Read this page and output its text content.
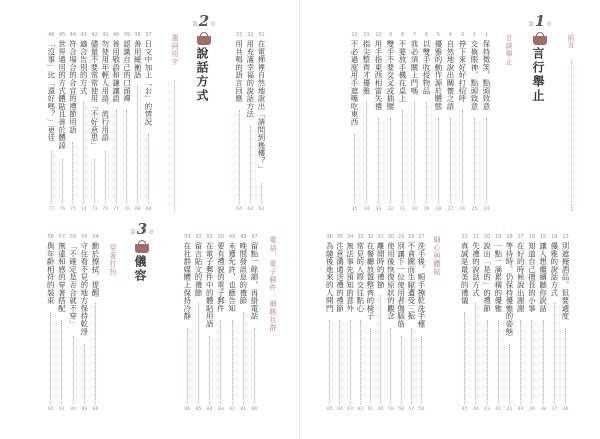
37
日文中加上「お」的情況
68
38
善用緩衝語
69
39
認識自己的口頭禪
70
40
善用敬語和謙讓語
71
41
勿使用年輕人用語、流行用語
72
42
儘量不要常常使用「不好意思」
73
43
適合告別的方式
74
44
符合場合的合宜的禮節用語
75
45
世界通用的方式體貼且善於體諒
76
46
「沒事」比「還好嗎？」更佳
77
31
在電梯裡自然地說出「請問到幾樓？」
62
32
用充滿幸福的說話方法
63
33
用共鳴的語言回應
64
遣詞用字
第2章
說話方式
47
留點一餘韻，再掛電話
80
48
晚間發訊息的禮節
81
49
未獲允許，也應告知
82
50
要有禮貌的電子郵件
83
51
在電子郵件中的體貼用語
84
52
留言貼文的禮節
85
53
在社群媒體上保持冷靜
86
54
勤於擦拭、提醒
88
55
守住看不見的地方保持乾淨
89
56
「不確定是否合就不穿」
90
57
無違和感的穿著搭配
91
58
與年齡相符的裝束
92
電話、電子郵件、網路社群
穿著打扮
第3章
儀容
前言
3
第1章
言行舉止
言談舉止
1
保持微笑，點頭致意
24
2
交換眼神，點頭致意
25
3
停下來好好打招呼
26
4
自然地說出關懷之語
27
5
優雅的動作源於體態
28
6
以雙手收授物品
29
7
我必須關上門嗎
30
8
不要放手機在桌上
31
9
雙手不要交叉或插腰
32
10
用手指東西相當失禮
33
11
指尖整齊才優雅
34
12
不必過度用手遮嘴吃東西
35
13
別遮掩酒品，但要適度
36
14
優雅的說話方式
37
15
讓人想繼續聽你說話
38
16
知道自己擅長的小事
39
17
在好的時候說出謝謝
40
18
等待時，仍保持優雅的姿態
41
19
一點一滴累積的優雅
42
20
說出「是的」的禮節
43
21
失禮的說話方式
44
22
真誠是最美的禮儀
45
細心與體貼
27
洗手後，順手擦乾洗手檯
56
28
不貪圖而生厭遭受三振
57
29
別讓下一位使用者傷腦筋
58
30
使用後恢復原狀的觀念
59
31
離開時的禮節
60
32
在餐廳放置整齊的椅子
61
33
常見的人際交往點心
62
34
無法事先預知的意外
63
35
注意溝通送禮的禮節
64
36
為隨後進來的人開門
65
